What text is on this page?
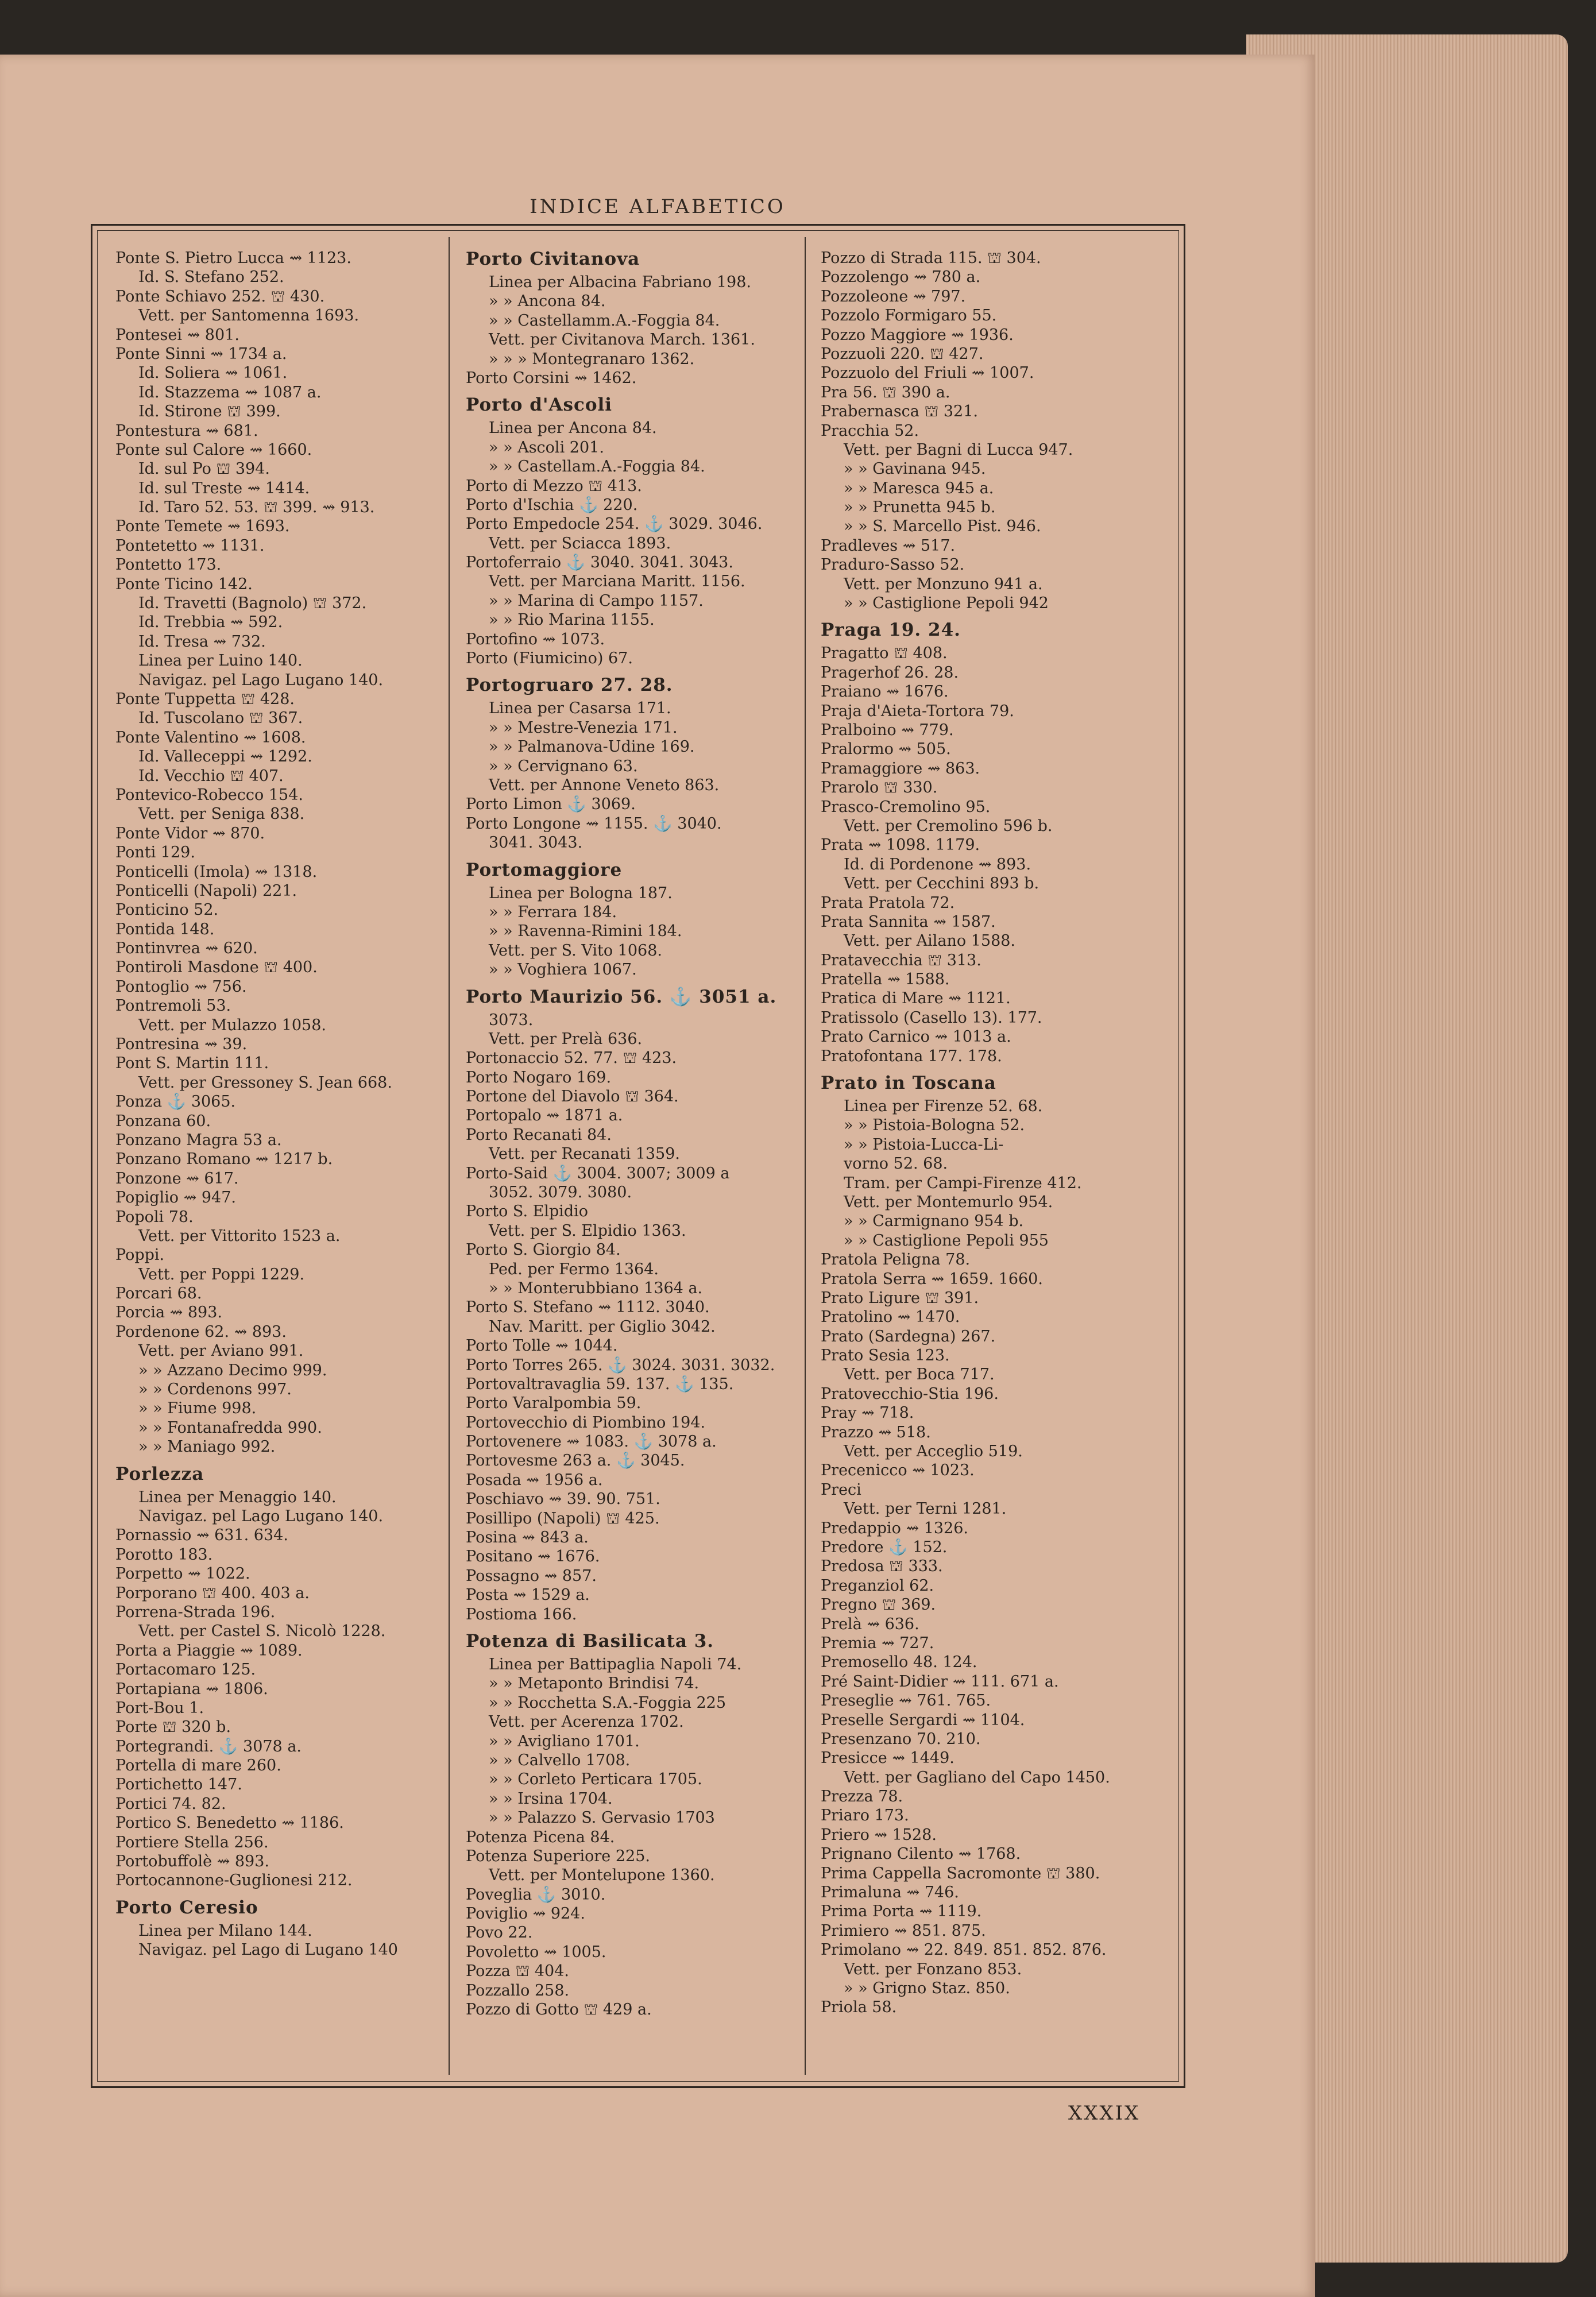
INDICE ALFABETICO
Ponte S. Pietro Lucca ⇝ 1123.
Id. S. Stefano 252.
Ponte Schiavo 252. ⛫ 430.
Vett. per Santomenna 1693.
Pontesei ⇝ 801.
Ponte Sinni ⇝ 1734 a.
Id. Soliera ⇝ 1061.
Id. Stazzema ⇝ 1087 a.
Id. Stirone ⛫ 399.
Pontestura ⇝ 681.
Ponte sul Calore ⇝ 1660.
Id. sul Po ⛫ 394.
Id. sul Treste ⇝ 1414.
Id. Taro 52. 53. ⛫ 399. ⇝ 913.
Ponte Temete ⇝ 1693.
Pontetetto ⇝ 1131.
Pontetto 173.
Ponte Ticino 142.
Id. Travetti (Bagnolo) ⛫ 372.
Id. Trebbia ⇝ 592.
Id. Tresa ⇝ 732.
Linea per Luino 140.
Navigaz. pel Lago Lugano 140.
Ponte Tuppetta ⛫ 428.
Id. Tuscolano ⛫ 367.
Ponte Valentino ⇝ 1608.
Id. Valleceppi ⇝ 1292.
Id. Vecchio ⛫ 407.
Pontevico-Robecco 154.
Vett. per Seniga 838.
Ponte Vidor ⇝ 870.
Ponti 129.
Ponticelli (Imola) ⇝ 1318.
Ponticelli (Napoli) 221.
Ponticino 52.
Pontida 148.
Pontinvrea ⇝ 620.
Pontiroli Masdone ⛫ 400.
Pontoglio ⇝ 756.
Pontremoli 53.
Vett. per Mulazzo 1058.
Pontresina ⇝ 39.
Pont S. Martin 111.
Vett. per Gressoney S. Jean 668.
Ponza ⚓ 3065.
Ponzana 60.
Ponzano Magra 53 a.
Ponzano Romano ⇝ 1217 b.
Ponzone ⇝ 617.
Popiglio ⇝ 947.
Popoli 78.
Vett. per Vittorito 1523 a.
Poppi.
Vett. per Poppi 1229.
Porcari 68.
Porcia ⇝ 893.
Pordenone 62. ⇝ 893.
Vett. per Aviano 991.
» » Azzano Decimo 999.
» » Cordenons 997.
» » Fiume 998.
» » Fontanafredda 990.
» » Maniago 992.
Porlezza
Linea per Menaggio 140.
Navigaz. pel Lago Lugano 140.
Pornassio ⇝ 631. 634.
Porotto 183.
Porpetto ⇝ 1022.
Porporano ⛫ 400. 403 a.
Porrena-Strada 196.
Vett. per Castel S. Nicolò 1228.
Porta a Piaggie ⇝ 1089.
Portacomaro 125.
Portapiana ⇝ 1806.
Port-Bou 1.
Porte ⛫ 320 b.
Portegrandi. ⚓ 3078 a.
Portella di mare 260.
Portichetto 147.
Portici 74. 82.
Portico S. Benedetto ⇝ 1186.
Portiere Stella 256.
Portobuffolè ⇝ 893.
Portocannone-Guglionesi 212.
Porto Ceresio
Linea per Milano 144.
Navigaz. pel Lago di Lugano 140
Porto Civitanova
Linea per Albacina Fabriano 198.
» » Ancona 84.
» » Castellamm.A.-Foggia 84.
Vett. per Civitanova March. 1361.
» » » Montegranaro 1362.
Porto Corsini ⇝ 1462.
Porto d'Ascoli
Linea per Ancona 84.
» » Ascoli 201.
» » Castellam.A.-Foggia 84.
Porto di Mezzo ⛫ 413.
Porto d'Ischia ⚓ 220.
Porto Empedocle 254. ⚓ 3029. 3046.
Vett. per Sciacca 1893.
Portoferraio ⚓ 3040. 3041. 3043.
Vett. per Marciana Maritt. 1156.
» » Marina di Campo 1157.
» » Rio Marina 1155.
Portofino ⇝ 1073.
Porto (Fiumicino) 67.
Portogruaro 27. 28.
Linea per Casarsa 171.
» » Mestre-Venezia 171.
» » Palmanova-Udine 169.
» » Cervignano 63.
Vett. per Annone Veneto 863.
Porto Limon ⚓ 3069.
Porto Longone ⇝ 1155. ⚓ 3040.
3041. 3043.
Portomaggiore
Linea per Bologna 187.
» » Ferrara 184.
» » Ravenna-Rimini 184.
Vett. per S. Vito 1068.
» » Voghiera 1067.
Porto Maurizio 56. ⚓ 3051 a.
3073.
Vett. per Prelà 636.
Portonaccio 52. 77. ⛫ 423.
Porto Nogaro 169.
Portone del Diavolo ⛫ 364.
Portopalo ⇝ 1871 a.
Porto Recanati 84.
Vett. per Recanati 1359.
Porto-Said ⚓ 3004. 3007; 3009 a
3052. 3079. 3080.
Porto S. Elpidio
Vett. per S. Elpidio 1363.
Porto S. Giorgio 84.
Ped. per Fermo 1364.
» » Monterubbiano 1364 a.
Porto S. Stefano ⇝ 1112. 3040.
Nav. Maritt. per Giglio 3042.
Porto Tolle ⇝ 1044.
Porto Torres 265. ⚓ 3024. 3031. 3032.
Portovaltravaglia 59. 137. ⚓ 135.
Porto Varalpombia 59.
Portovecchio di Piombino 194.
Portovenere ⇝ 1083. ⚓ 3078 a.
Portovesme 263 a. ⚓ 3045.
Posada ⇝ 1956 a.
Poschiavo ⇝ 39. 90. 751.
Posillipo (Napoli) ⛫ 425.
Posina ⇝ 843 a.
Positano ⇝ 1676.
Possagno ⇝ 857.
Posta ⇝ 1529 a.
Postioma 166.
Potenza di Basilicata 3.
Linea per Battipaglia Napoli 74.
» » Metaponto Brindisi 74.
» » Rocchetta S.A.-Foggia 225
Vett. per Acerenza 1702.
» » Avigliano 1701.
» » Calvello 1708.
» » Corleto Perticara 1705.
» » Irsina 1704.
» » Palazzo S. Gervasio 1703
Potenza Picena 84.
Potenza Superiore 225.
Vett. per Montelupone 1360.
Poveglia ⚓ 3010.
Poviglio ⇝ 924.
Povo 22.
Povoletto ⇝ 1005.
Pozza ⛫ 404.
Pozzallo 258.
Pozzo di Gotto ⛫ 429 a.
Pozzo di Strada 115. ⛫ 304.
Pozzolengo ⇝ 780 a.
Pozzoleone ⇝ 797.
Pozzolo Formigaro 55.
Pozzo Maggiore ⇝ 1936.
Pozzuoli 220. ⛫ 427.
Pozzuolo del Friuli ⇝ 1007.
Pra 56. ⛫ 390 a.
Prabernasca ⛫ 321.
Pracchia 52.
Vett. per Bagni di Lucca 947.
» » Gavinana 945.
» » Maresca 945 a.
» » Prunetta 945 b.
» » S. Marcello Pist. 946.
Pradleves ⇝ 517.
Praduro-Sasso 52.
Vett. per Monzuno 941 a.
» » Castiglione Pepoli 942
Praga 19. 24.
Pragatto ⛫ 408.
Pragerhof 26. 28.
Praiano ⇝ 1676.
Praja d'Aieta-Tortora 79.
Pralboino ⇝ 779.
Pralormo ⇝ 505.
Pramaggiore ⇝ 863.
Prarolo ⛫ 330.
Prasco-Cremolino 95.
Vett. per Cremolino 596 b.
Prata ⇝ 1098. 1179.
Id. di Pordenone ⇝ 893.
Vett. per Cecchini 893 b.
Prata Pratola 72.
Prata Sannita ⇝ 1587.
Vett. per Ailano 1588.
Pratavecchia ⛫ 313.
Pratella ⇝ 1588.
Pratica di Mare ⇝ 1121.
Pratissolo (Casello 13). 177.
Prato Carnico ⇝ 1013 a.
Pratofontana 177. 178.
Prato in Toscana
Linea per Firenze 52. 68.
» » Pistoia-Bologna 52.
» » Pistoia-Lucca-Li-
vorno 52. 68.
Tram. per Campi-Firenze 412.
Vett. per Montemurlo 954.
» » Carmignano 954 b.
» » Castiglione Pepoli 955
Pratola Peligna 78.
Pratola Serra ⇝ 1659. 1660.
Prato Ligure ⛫ 391.
Pratolino ⇝ 1470.
Prato (Sardegna) 267.
Prato Sesia 123.
Vett. per Boca 717.
Pratovecchio-Stia 196.
Pray ⇝ 718.
Prazzo ⇝ 518.
Vett. per Acceglio 519.
Precenicco ⇝ 1023.
Preci
Vett. per Terni 1281.
Predappio ⇝ 1326.
Predore ⚓ 152.
Predosa ⛫ 333.
Preganziol 62.
Pregno ⛫ 369.
Prelà ⇝ 636.
Premia ⇝ 727.
Premosello 48. 124.
Pré Saint-Didier ⇝ 111. 671 a.
Preseglie ⇝ 761. 765.
Preselle Sergardi ⇝ 1104.
Presenzano 70. 210.
Presicce ⇝ 1449.
Vett. per Gagliano del Capo 1450.
Prezza 78.
Priaro 173.
Priero ⇝ 1528.
Prignano Cilento ⇝ 1768.
Prima Cappella Sacromonte ⛫ 380.
Primaluna ⇝ 746.
Prima Porta ⇝ 1119.
Primiero ⇝ 851. 875.
Primolano ⇝ 22. 849. 851. 852. 876.
Vett. per Fonzano 853.
» » Grigno Staz. 850.
Priola 58.
XXXIX
